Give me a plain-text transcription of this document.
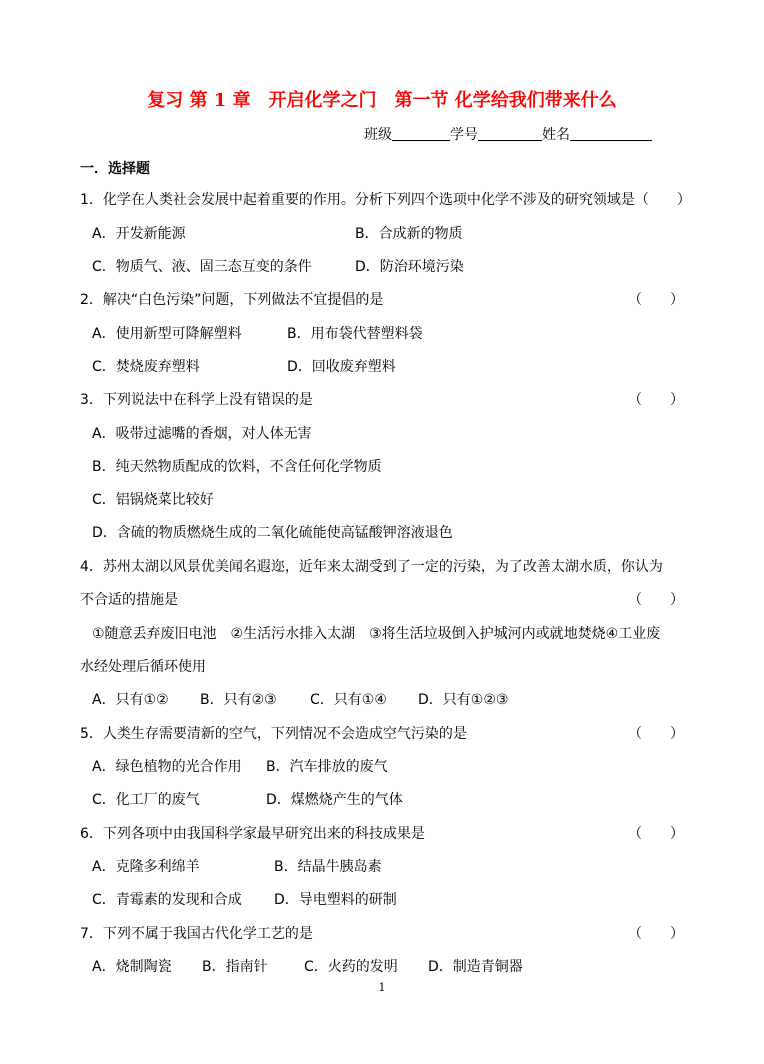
复习 第 1 章　开启化学之门　第一节 化学给我们带来什么
班级	学号	姓名
一．选择题
1．化学在人类社会发展中起着重要的作用。分析下列四个选项中化学不涉及的研究领域是（　　）
A．开发新能源	B．合成新的物质
C．物质气、液、固三态互变的条件	D．防治环境污染
2．解决“白色污染”问题，下列做法不宜提倡的是	（　　）
A．使用新型可降解塑料	B．用布袋代替塑料袋
C．焚烧废弃塑料	D．回收废弃塑料
3．下列说法中在科学上没有错误的是	（　　）
A．吸带过滤嘴的香烟，对人体无害
B．纯天然物质配成的饮料，不含任何化学物质
C．铝锅烧菜比较好
D．含硫的物质燃烧生成的二氧化硫能使高锰酸钾溶液退色
4．苏州太湖以风景优美闻名遐迩，近年来太湖受到了一定的污染，为了改善太湖水质，你认为
不合适的措施是	（　　）
①随意丢弃废旧电池　②生活污水排入太湖　③将生活垃圾倒入护城河内或就地焚烧④工业废
水经处理后循环使用
A．只有①② B．只有②③ C．只有①④ D．只有①②③
5．人类生存需要清新的空气，下列情况不会造成空气污染的是	（　　）
A．绿色植物的光合作用 B．汽车排放的废气
C．化工厂的废气	D．煤燃烧产生的气体
6．下列各项中由我国科学家最早研究出来的科技成果是	（　　）
A．克隆多利绵羊	B．结晶牛胰岛素
C．青霉素的发现和合成 D．导电塑料的研制
7．下列不属于我国古代化学工艺的是	（　　）
A．烧制陶瓷 B．指南针	C．火药的发明 D．制造青铜器
1
